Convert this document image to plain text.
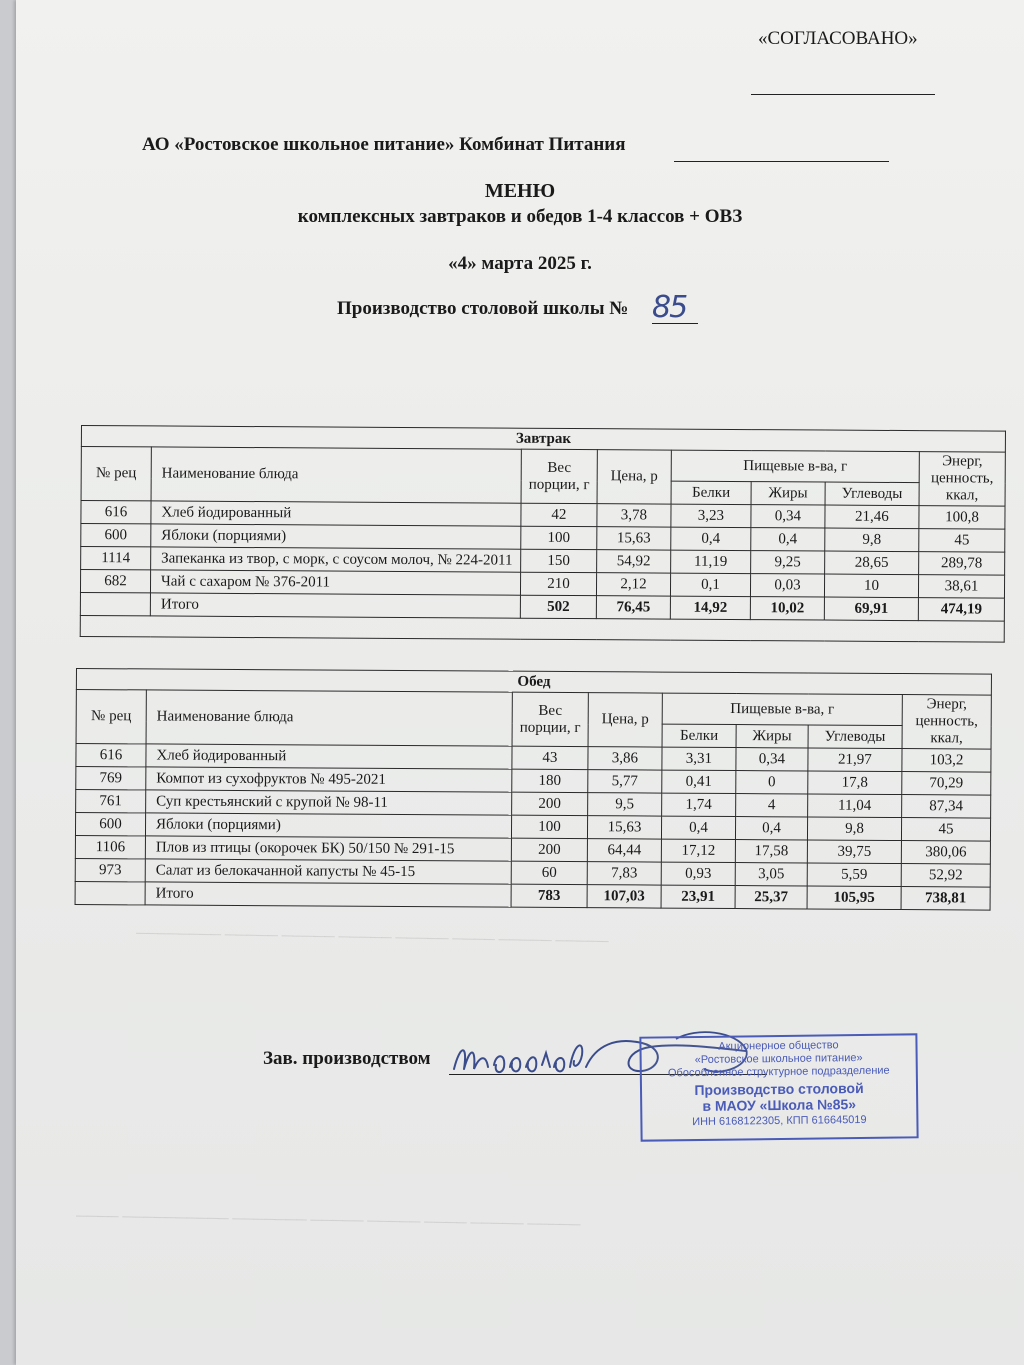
──────── ───── ───── ───── ───── ──── ───── ─────
──── ────────── ─────── ───── ───── ──── ───── ─────
«СОГЛАСОВАНО»
АО «Ростовское школьное питание» Комбинат Питания
МЕНЮ
комплексных завтраков и обедов 1-4 классов + ОВЗ
«4» марта 2025 г.
Производство столовой школы № 85
Завтрак							
№ рец	Наименование блюда	Вес порции, г	Цена, р	Пищевые в-ва, г			Энерг, ценность, ккал,
				Белки	Жиры	Углеводы	
616	Хлеб йодированный	42	3,78	3,23	0,34	21,46	100,8
600	Яблоки (порциями)	100	15,63	0,4	0,4	9,8	45
1114	Запеканка из твор, с морк, с соусом молоч, № 224-2011	150	54,92	11,19	9,25	28,65	289,78
682	Чай с сахаром № 376-2011	210	2,12	0,1	0,03	10	38,61
	Итого	502	76,45	14,92	10,02	69,91	474,19

Обед							
№ рец	Наименование блюда	Вес порции, г	Цена, р	Пищевые в-ва, г			Энерг, ценность, ккал,
				Белки	Жиры	Углеводы	
616	Хлеб йодированный	43	3,86	3,31	0,34	21,97	103,2
769	Компот из сухофруктов № 495-2021	180	5,77	0,41	0	17,8	70,29
761	Суп крестьянский с крупой № 98-11	200	9,5	1,74	4	11,04	87,34
600	Яблоки (порциями)	100	15,63	0,4	0,4	9,8	45
1106	Плов из птицы (окорочек БК) 50/150 № 291-15	200	64,44	17,12	17,58	39,75	380,06
973	Салат из белокачанной капусты № 45-15	60	7,83	0,93	3,05	5,59	52,92
	Итого	783	107,03	23,91	25,37	105,95	738,81
Зав. производством
Акционерное общество
«Ростовское школьное питание»
Обособленное структурное подразделение
Производство столовой
в МАОУ «Школа №85»
ИНН 6168122305, КПП 616645019
